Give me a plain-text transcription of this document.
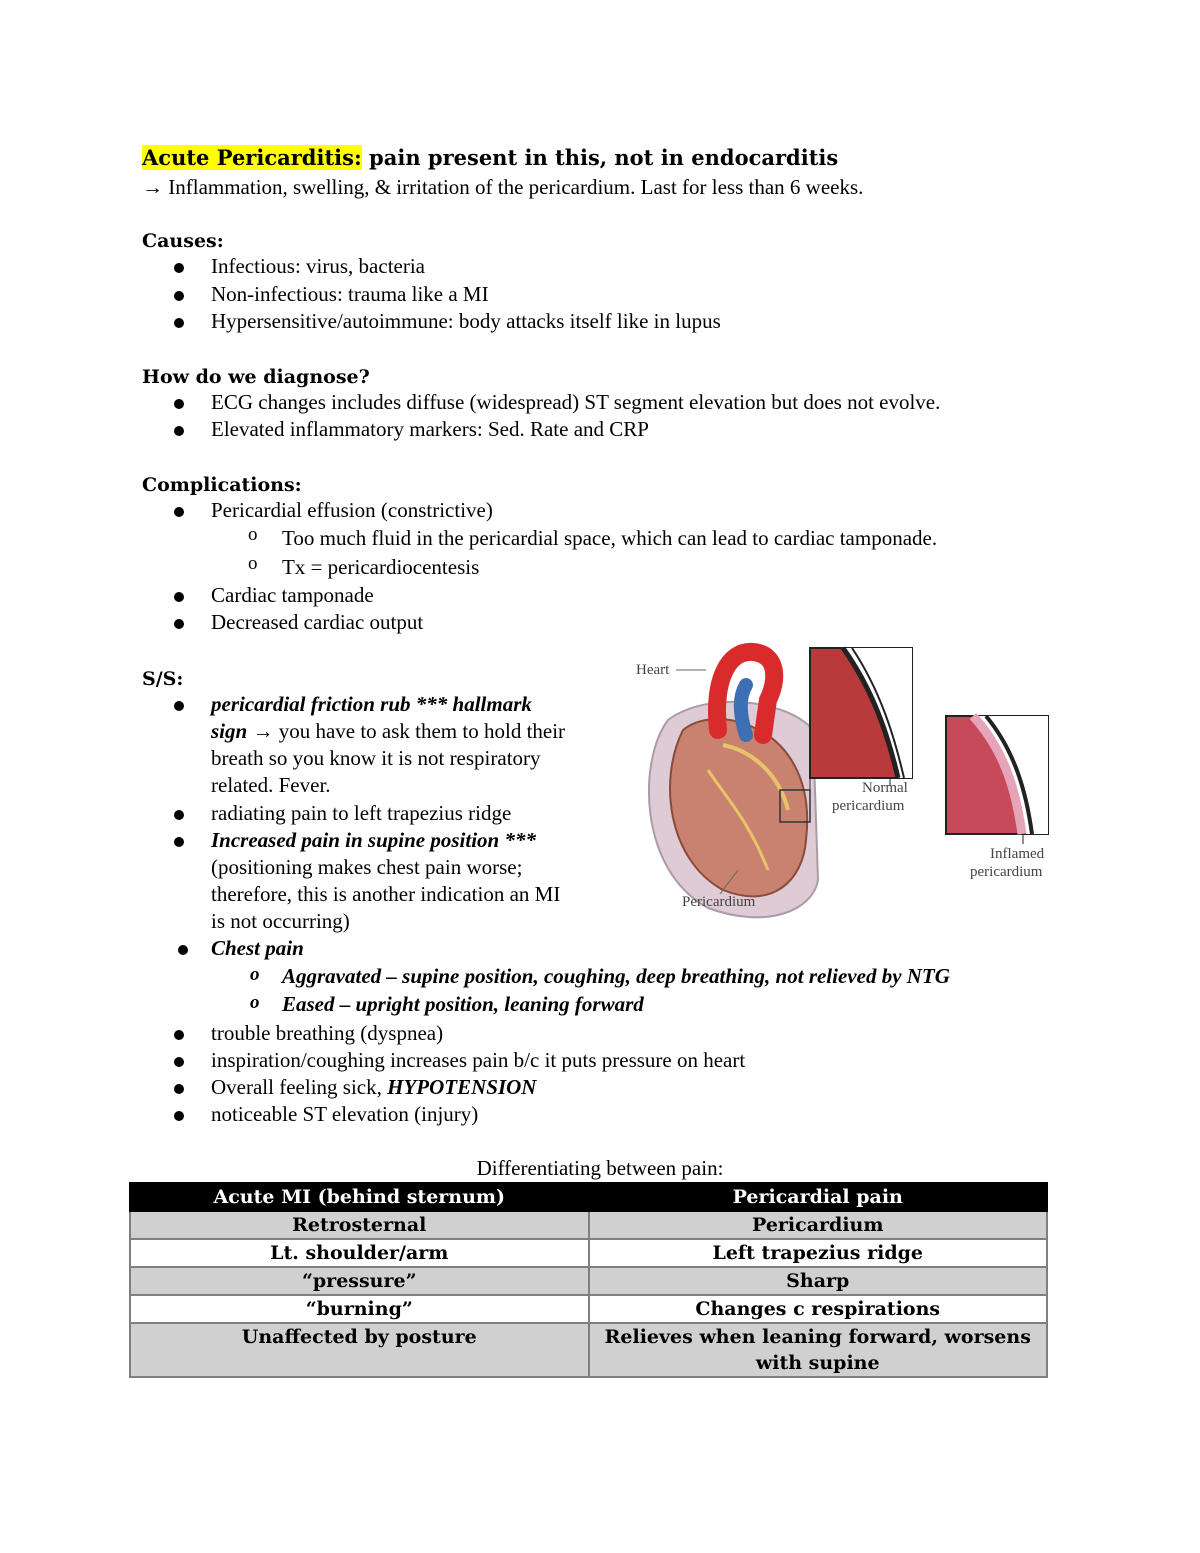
Acute Pericarditis: pain present in this, not in endocarditis
→ Inflammation, swelling, & irritation of the pericardium. Last for less than 6 weeks.
Causes:
Infectious: virus, bacteria
Non-infectious: trauma like a MI
Hypersensitive/autoimmune: body attacks itself like in lupus
How do we diagnose?
ECG changes includes diffuse (widespread) ST segment elevation but does not evolve.
Elevated inflammatory markers: Sed. Rate and CRP
Complications:
Pericardial effusion (constrictive)
o Too much fluid in the pericardial space, which can lead to cardiac tamponade.
o Tx = pericardiocentesis
Cardiac tamponade
Decreased cardiac output
S/S:
pericardial friction rub *** hallmark
sign → you have to ask them to hold their
breath so you know it is not respiratory
related. Fever.
radiating pain to left trapezius ridge
Increased pain in supine position ***
(positioning makes chest pain worse;
therefore, this is another indication an MI
is not occurring)
Chest pain
o Aggravated – supine position, coughing, deep breathing, not relieved by NTG
o Eased – upright position, leaning forward
trouble breathing (dyspnea)
inspiration/coughing increases pain b/c it puts pressure on heart
Overall feeling sick, HYPOTENSION
noticeable ST elevation (injury)
Heart
Pericardium
Normal
pericardium
Inflamed
pericardium
Differentiating between pain:
Acute MI (behind sternum)	Pericardial pain
Retrosternal	Pericardium
Lt. shoulder/arm	Left trapezius ridge
“pressure”	Sharp
“burning”	Changes c respirations
Unaffected by posture	Relieves when leaning forward, worsens with supine
